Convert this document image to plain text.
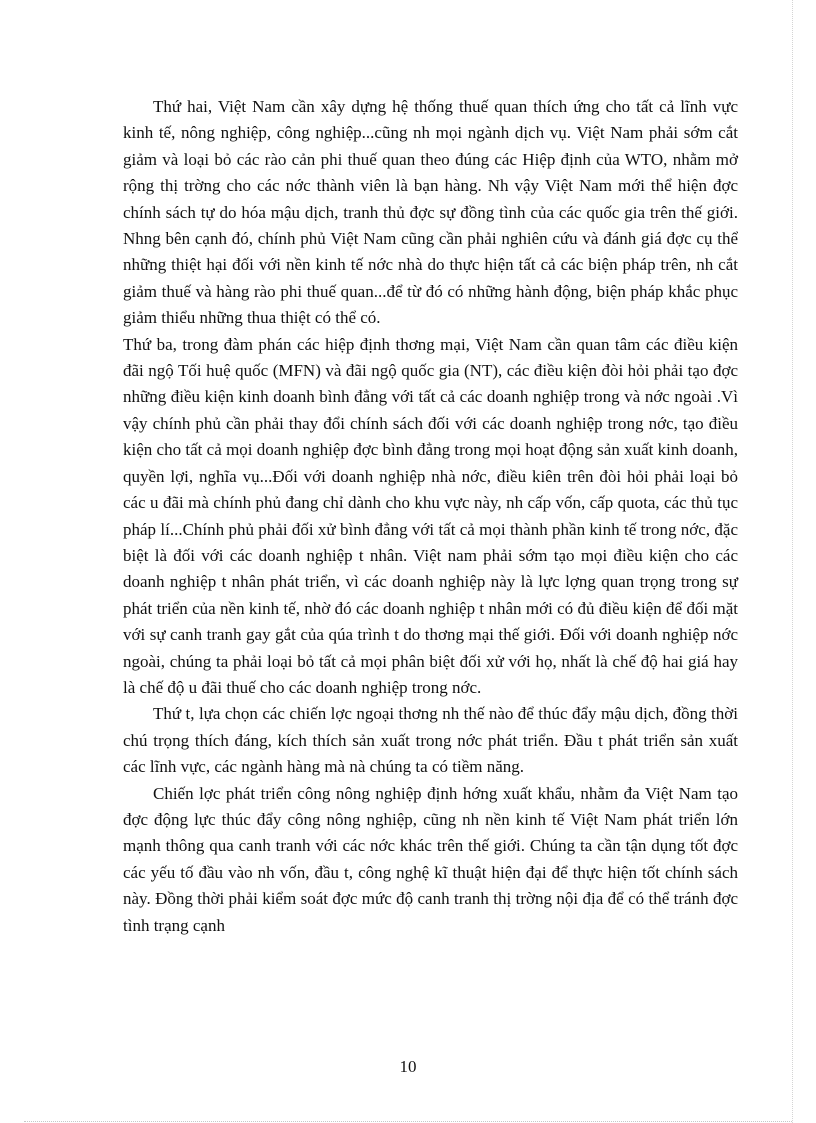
Thứ hai, Việt Nam cần xây dựng hệ thống thuế quan thích ứng cho tất cả lĩnh vực kinh tế, nông nghiệp, công nghiệp...cũng nh mọi ngành dịch vụ. Việt Nam phải sớm cắt giảm và loại bỏ các rào cản phi thuế quan theo đúng các Hiệp định của WTO, nhằm mở rộng thị trờng cho các nớc thành viên là bạn hàng. Nh vậy Việt Nam mới thể hiện đợc chính sách tự do hóa mậu dịch, tranh thủ đợc sự đồng tình của các quốc gia trên thế giới. Nhng bên cạnh đó, chính phủ Việt Nam cũng cần phải nghiên cứu và đánh giá đợc cụ thể những thiệt hại đối với nền kinh tế nớc nhà do thực hiện tất cả các biện pháp trên, nh cắt giảm thuế và hàng rào phi thuế quan...để từ đó có những hành động, biện pháp khắc phục giảm thiểu những thua thiệt có thể có.

Thứ ba, trong đàm phán các hiệp định thơng mại, Việt Nam cần quan tâm các điều kiện đãi ngộ Tối huệ quốc (MFN) và đãi ngộ quốc gia (NT), các điều kiện đòi hỏi phải tạo đợc những điều kiện kinh doanh bình đẳng với tất cả các doanh nghiệp trong và nớc ngoài .Vì vậy chính phủ cần phải thay đổi chính sách đối với các doanh nghiệp trong nớc, tạo điều kiện cho tất cả mọi doanh nghiệp đợc bình đẳng trong mọi hoạt động sản xuất kinh doanh, quyền lợi, nghĩa vụ...Đối với doanh nghiệp nhà nớc, điều kiên trên đòi hỏi phải loại bỏ các u đãi mà chính phủ đang chỉ dành cho khu vực này, nh cấp vốn, cấp quota, các thủ tục pháp lí...Chính phủ phải đối xử bình đẳng với tất cả mọi thành phần kinh tế trong nớc, đặc biệt là đối với các doanh nghiệp t nhân. Việt nam phải sớm tạo mọi điều kiện cho các doanh nghiệp t nhân phát triển, vì các doanh nghiệp này là lực lợng quan trọng trong sự phát triển của nền kinh tế, nhờ đó các doanh nghiệp t nhân mới có đủ điều kiện để đối mặt với sự canh tranh gay gắt của qúa trình t do thơng mại thế giới. Đối với doanh nghiệp nớc ngoài, chúng ta phải loại bỏ tất cả mọi phân biệt đối xử với họ, nhất là chế độ hai giá hay là chế độ u đãi thuế cho các doanh nghiệp trong nớc.

Thứ t, lựa chọn các chiến lợc ngoại thơng nh thế nào để thúc đẩy mậu dịch, đồng thời chú trọng thích đáng, kích thích sản xuất trong nớc phát triển. Đầu t phát triển sản xuất các lĩnh vực, các ngành hàng mà nà chúng ta có tiềm năng.

Chiến lợc phát triển công nông nghiệp định hớng xuất khẩu, nhằm đa Việt Nam tạo đợc động lực thúc đẩy công nông nghiệp, cũng nh nền kinh tế Việt Nam phát triển lớn mạnh thông qua canh tranh với các nớc khác trên thế giới. Chúng ta cần tận dụng tốt đợc các yếu tố đầu vào nh vốn, đầu t, công nghệ kĩ thuật hiện đại để thực hiện tốt chính sách này. Đồng thời phải kiểm soát đợc mức độ canh tranh thị trờng nội địa để có thể tránh đợc tình trạng cạnh

10
